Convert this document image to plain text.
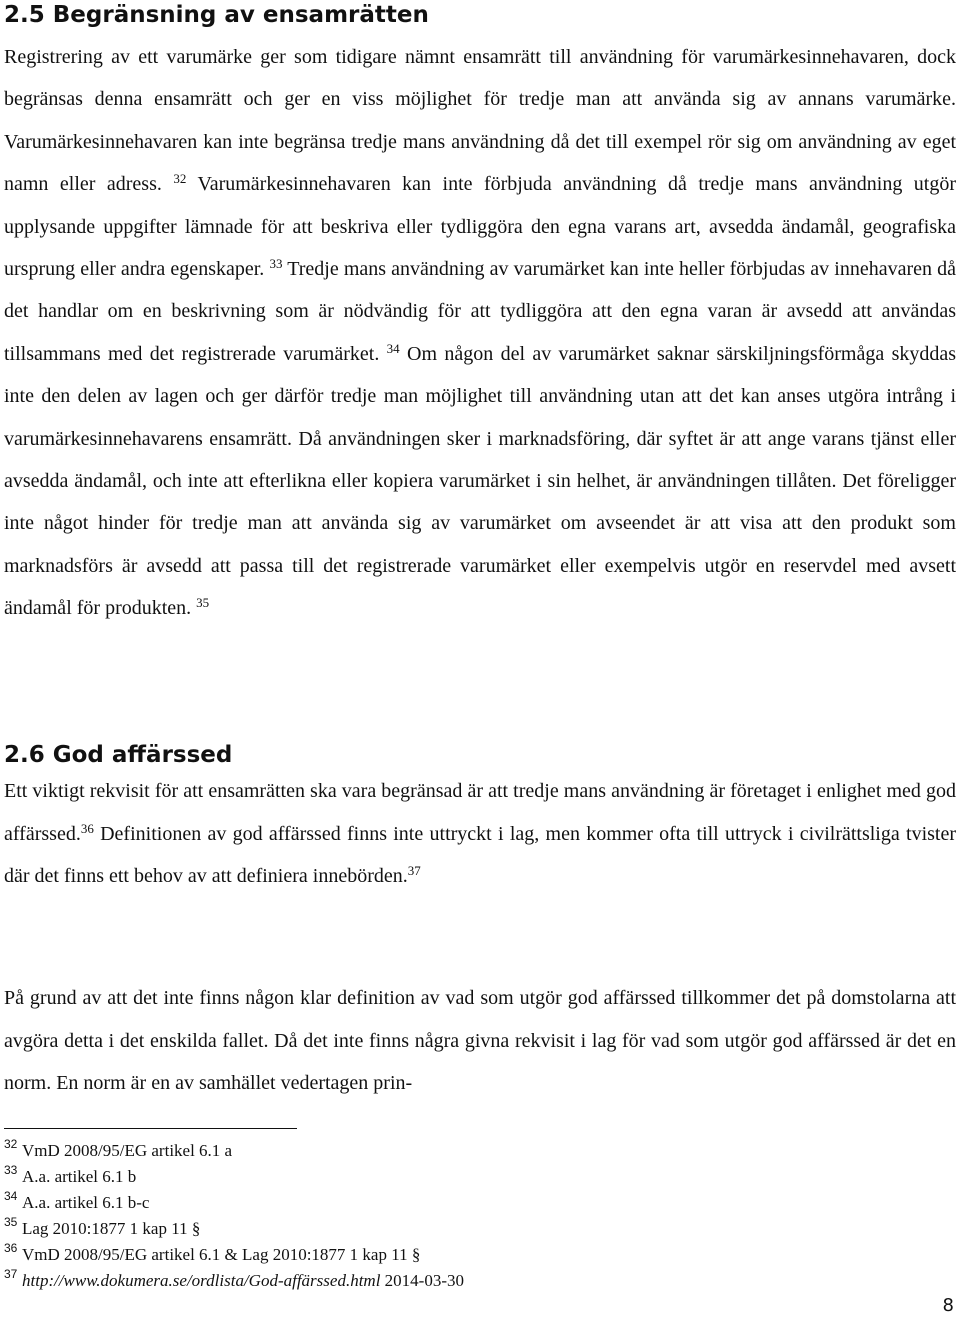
2.5 Begränsning av ensamrätten

Registrering av ett varumärke ger som tidigare nämnt ensamrätt till användning för varumärkesinnehavaren, dock begränsas denna ensamrätt och ger en viss möjlighet för tredje man att använda sig av annans varumärke. Varumärkesinnehavaren kan inte begränsa tredje mans användning då det till exempel rör sig om användning av eget namn eller adress. $^{32}$ Varumärkesinnehavaren kan inte förbjuda användning då tredje mans användning utgör upplysande uppgifter lämnade för att beskriva eller tydliggöra den egna varans art, avsedda ändamål, geografiska ursprung eller andra egenskaper. $^{33}$ Tredje mans användning av varumärket kan inte heller förbjudas av innehavaren då det handlar om en beskrivning som är nödvändig för att tydliggöra att den egna varan är avsedd att användas tillsammans med det registrerade varumärket. $^{34}$ Om någon del av varumärket saknar särskiljningsförmåga skyddas inte den delen av lagen och ger därför tredje man möjlighet till användning utan att det kan anses utgöra intrång i varumärkesinnehavarens ensamrätt. Då användningen sker i marknadsföring, där syftet är att ange varans tjänst eller avsedda ändamål, och inte att efterlikna eller kopiera varumärket i sin helhet, är användningen tillåten. Det föreligger inte något hinder för tredje man att använda sig av varumärket om avseendet är att visa att den produkt som marknadsförs är avsedd att passa till det registrerade varumärket eller exempelvis utgör en reservdel med avsett ändamål för produkten. $^{35}$

2.6 God affärssed

Ett viktigt rekvisit för att ensamrätten ska vara begränsad är att tredje mans användning är företaget i enlighet med god affärssed.$^{36}$ Definitionen av god affärssed finns inte uttryckt i lag, men kommer ofta till uttryck i civilrättsliga tvister där det finns ett behov av att definiera innebörden.$^{37}$

På grund av att det inte finns någon klar definition av vad som utgör god affärssed tillkommer det på domstolarna att avgöra detta i det enskilda fallet. Då det inte finns några givna rekvisit i lag för vad som utgör god affärssed är det en norm. En norm är en av samhället vedertagen prin-

32 VmD 2008/95/EG artikel 6.1 a
33 A.a. artikel 6.1 b
34 A.a. artikel 6.1 b-c
35 Lag 2010:1877 1 kap 11 §
36 VmD 2008/95/EG artikel 6.1 & Lag 2010:1877 1 kap 11 §
37 http://www.dokumera.se/ordlista/God-affärssed.html 2014-03-30
8
